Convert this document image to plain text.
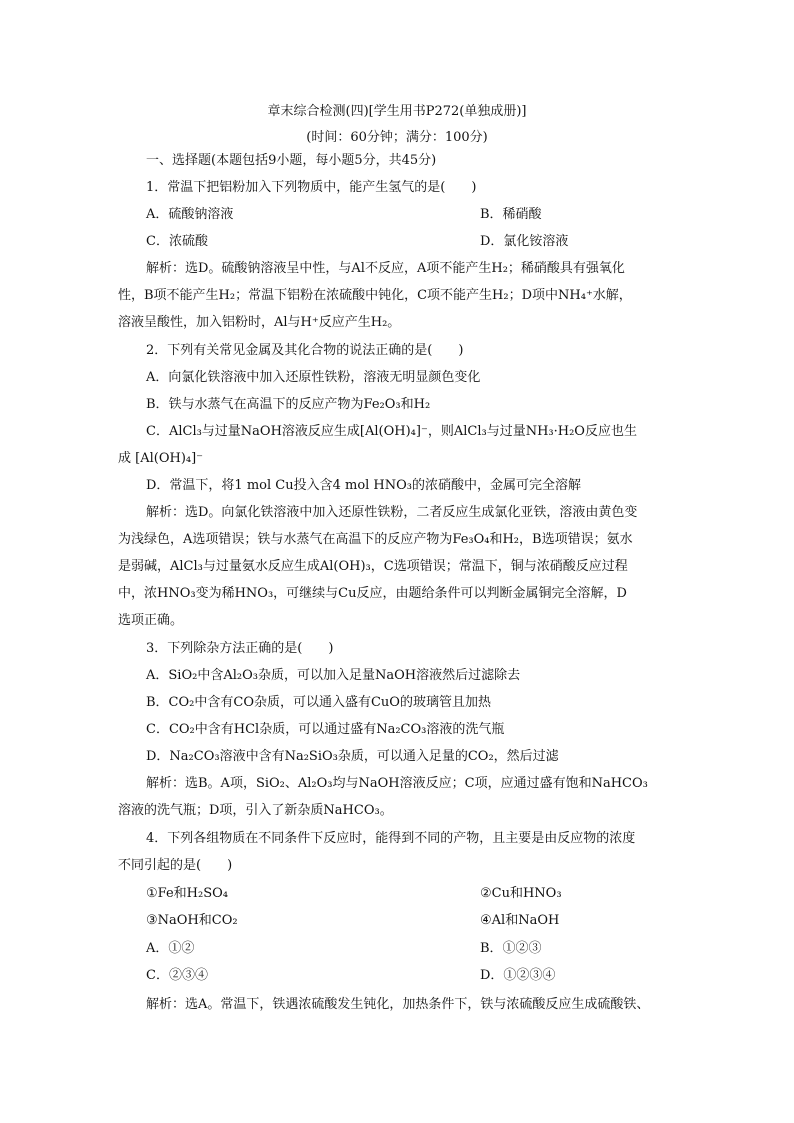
章末综合检测(四)[学生用书P272(单独成册)]
(时间：60分钟；满分：100分)
一、选择题(本题包括9小题，每小题5分，共45分)
1．常温下把铝粉加入下列物质中，能产生氢气的是(　　)
A．硫酸钠溶液	B．稀硝酸
C．浓硫酸	D．氯化铵溶液
解析：选D。硫酸钠溶液呈中性，与Al不反应，A项不能产生H₂；稀硝酸具有强氧化
性，B项不能产生H₂；常温下铝粉在浓硫酸中钝化，C项不能产生H₂；D项中NH₄⁺水解，
溶液呈酸性，加入铝粉时，Al与H⁺反应产生H₂。
2．下列有关常见金属及其化合物的说法正确的是(　　)
A．向氯化铁溶液中加入还原性铁粉，溶液无明显颜色变化
B．铁与水蒸气在高温下的反应产物为Fe₂O₃和H₂
C．AlCl₃与过量NaOH溶液反应生成[Al(OH)₄]⁻，则AlCl₃与过量NH₃·H₂O反应也生
成 [Al(OH)₄]⁻
D．常温下，将1 mol Cu投入含4 mol HNO₃的浓硝酸中，金属可完全溶解
解析：选D。向氯化铁溶液中加入还原性铁粉，二者反应生成氯化亚铁，溶液由黄色变
为浅绿色，A选项错误；铁与水蒸气在高温下的反应产物为Fe₃O₄和H₂，B选项错误；氨水
是弱碱，AlCl₃与过量氨水反应生成Al(OH)₃，C选项错误；常温下，铜与浓硝酸反应过程
中，浓HNO₃变为稀HNO₃，可继续与Cu反应，由题给条件可以判断金属铜完全溶解，D
选项正确。
3．下列除杂方法正确的是(　　)
A．SiO₂中含Al₂O₃杂质，可以加入足量NaOH溶液然后过滤除去
B．CO₂中含有CO杂质，可以通入盛有CuO的玻璃管且加热
C．CO₂中含有HCl杂质，可以通过盛有Na₂CO₃溶液的洗气瓶
D．Na₂CO₃溶液中含有Na₂SiO₃杂质，可以通入足量的CO₂，然后过滤
解析：选B。A项，SiO₂、Al₂O₃均与NaOH溶液反应；C项，应通过盛有饱和NaHCO₃
溶液的洗气瓶；D项，引入了新杂质NaHCO₃。
4．下列各组物质在不同条件下反应时，能得到不同的产物，且主要是由反应物的浓度
不同引起的是(　　)
①Fe和H₂SO₄	②Cu和HNO₃
③NaOH和CO₂	④Al和NaOH
A．①②	B．①②③
C．②③④	D．①②③④
解析：选A。常温下，铁遇浓硫酸发生钝化，加热条件下，铁与浓硫酸反应生成硫酸铁、
